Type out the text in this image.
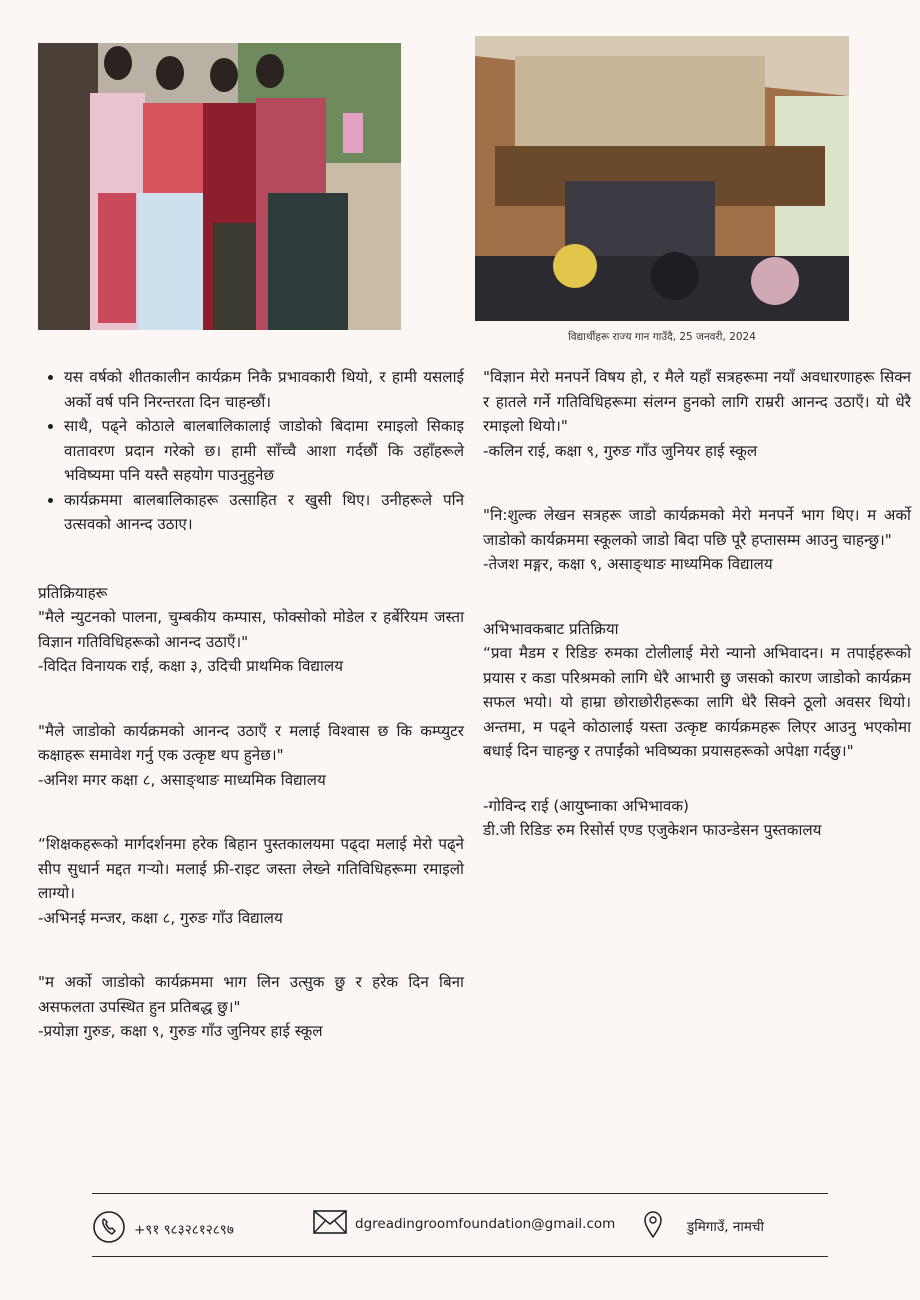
विद्यार्थीहरू राज्य गान गाउँदै, 25 जनवरी, 2024
• यस वर्षको शीतकालीन कार्यक्रम निकै प्रभावकारी थियो, र हामी यसलाई अर्को वर्ष पनि निरन्तरता दिन चाहन्छौं।
• साथै, पढ्ने कोठाले बालबालिकालाई जाडोको बिदामा रमाइलो सिकाइ वातावरण प्रदान गरेको छ। हामी साँच्चै आशा गर्दछौं कि उहाँहरूले भविष्यमा पनि यस्तै सहयोग पाउनुहुनेछ
• कार्यक्रममा बालबालिकाहरू उत्साहित र खुसी थिए। उनीहरूले पनि उत्सवको आनन्द उठाए।
प्रतिक्रियाहरू
"मैले न्युटनको पालना, चुम्बकीय कम्पास, फोक्सोको मोडेल र हर्बेरियम जस्ता विज्ञान गतिविधिहरूको आनन्द उठाएँ।"
-विदित विनायक राई, कक्षा ३, उदिची प्राथमिक विद्यालय
"मैले जाडोको कार्यक्रमको आनन्द उठाएँ र मलाई विश्वास छ कि कम्प्युटर कक्षाहरू समावेश गर्नु एक उत्कृष्ट थप हुनेछ।"
-अनिश मगर कक्षा ८, असाङ्थाङ माध्यमिक विद्यालय
“शिक्षकहरूको मार्गदर्शनमा हरेक बिहान पुस्तकालयमा पढ्दा मलाई मेरो पढ्ने सीप सुधार्न मद्दत गऱ्यो। मलाई फ्री-राइट जस्ता लेख्ने गतिविधिहरूमा रमाइलो लाग्यो।
-अभिनई मन्जर, कक्षा ८, गुरुङ गाँउ विद्यालय
"म अर्को जाडोको कार्यक्रममा भाग लिन उत्सुक छु र हरेक दिन बिना असफलता उपस्थित हुन प्रतिबद्ध छु।"
-प्रयोज्ञा गुरुङ, कक्षा ९, गुरुङ गाँउ जुनियर हाई स्कूल
"विज्ञान मेरो मनपर्ने विषय हो, र मैले यहाँ सत्रहरूमा नयाँ अवधारणाहरू सिक्न र हातले गर्ने गतिविधिहरूमा संलग्न हुनको लागि राम्ररी आनन्द उठाएँ। यो धेरै रमाइलो थियो।"
-कलिन राई, कक्षा ९, गुरुङ गाँउ जुनियर हाई स्कूल
"नि:शुल्क लेखन सत्रहरू जाडो कार्यक्रमको मेरो मनपर्ने भाग थिए। म अर्को जाडोको कार्यक्रममा स्कूलको जाडो बिदा पछि पूरै हप्तासम्म आउनु चाहन्छु।"
-तेजश मङ्गर, कक्षा ९, असाङ्थाङ माध्यमिक विद्यालय
अभिभावकबाट प्रतिक्रिया
“प्रवा मैडम र रिडिङ रुमका टोलीलाई मेरो न्यानो अभिवादन। म तपाईहरूको प्रयास र कडा परिश्रमको लागि धेरै आभारी छु जसको कारण जाडोको कार्यक्रम सफल भयो। यो हाम्रा छोराछोरीहरूका लागि धेरै सिक्ने ठूलो अवसर थियो। अन्तमा, म पढ्ने कोठालाई यस्ता उत्कृष्ट कार्यक्रमहरू लिएर आउनु भएकोमा बधाई दिन चाहन्छु र तपाईंको भविष्यका प्रयासहरूको अपेक्षा गर्दछु।"
-गोविन्द राई (आयुष्नाका अभिभावक)
डी.जी रिडिङ रुम रिसोर्स एण्ड एजुकेशन फाउन्डेसन पुस्तकालय
+९१ ९८३२८१२८९७	dgreadingroomfoundation@gmail.com	डुमिगाउँ, नामची
